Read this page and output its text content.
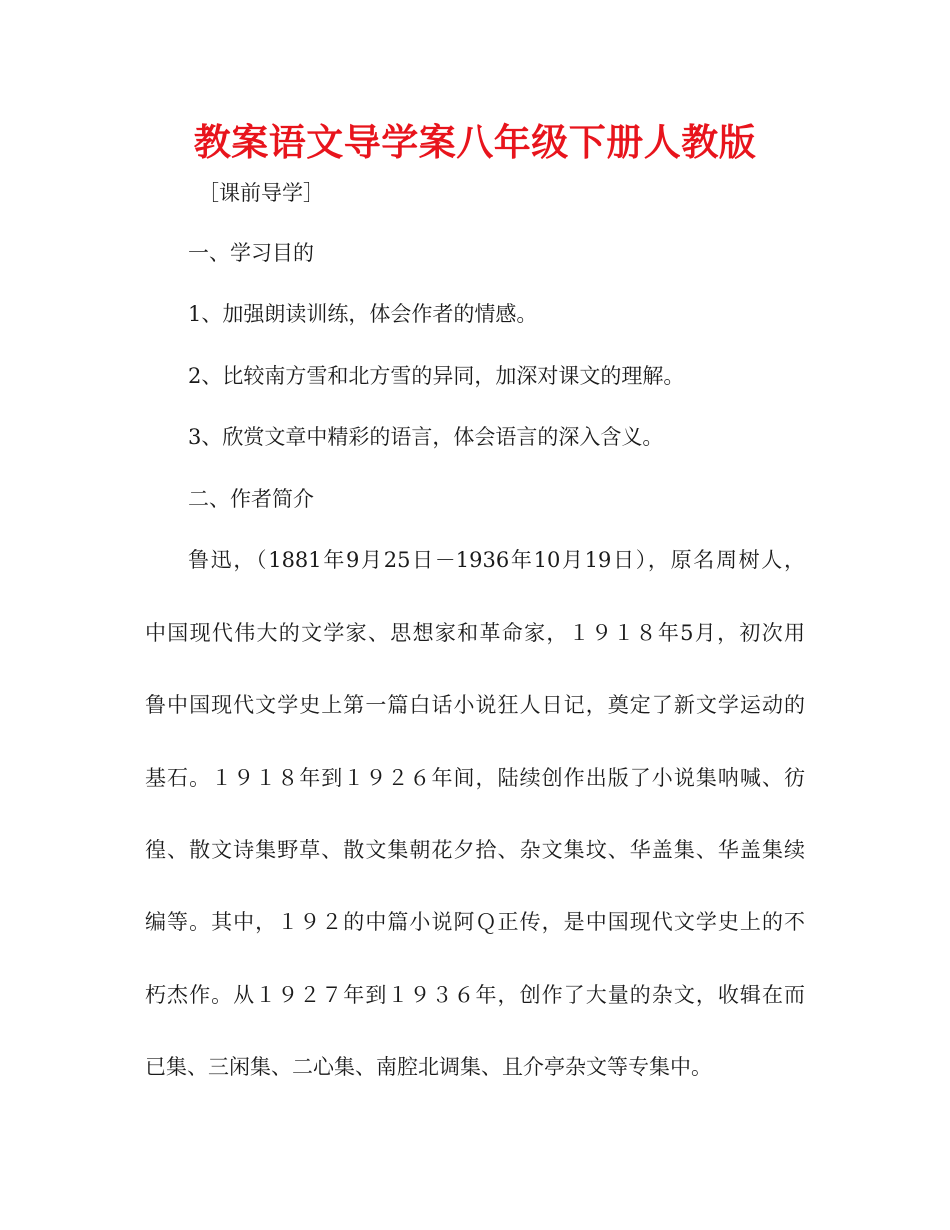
教案语文导学案八年级下册人教版

［课前导学］

一、学习目的

1、加强朗读训练，体会作者的情感。

2、比较南方雪和北方雪的异同，加深对课文的理解。

3、欣赏文章中精彩的语言，体会语言的深入含义。

二、作者简介

鲁迅，（1881年9月25日－1936年10月19日），原名周树人，

中国现代伟大的文学家、思想家和革命家，１９１８年5月，初次用

鲁中国现代文学史上第一篇白话小说狂人日记，奠定了新文学运动的

基石。１９１８年到１９２６年间，陆续创作出版了小说集呐喊、彷

徨、散文诗集野草、散文集朝花夕拾、杂文集坟、华盖集、华盖集续

编等。其中，１９２的中篇小说阿Ｑ正传，是中国现代文学史上的不

朽杰作。从１９２７年到１９３６年，创作了大量的杂文，收辑在而

已集、三闲集、二心集、南腔北调集、且介亭杂文等专集中。
